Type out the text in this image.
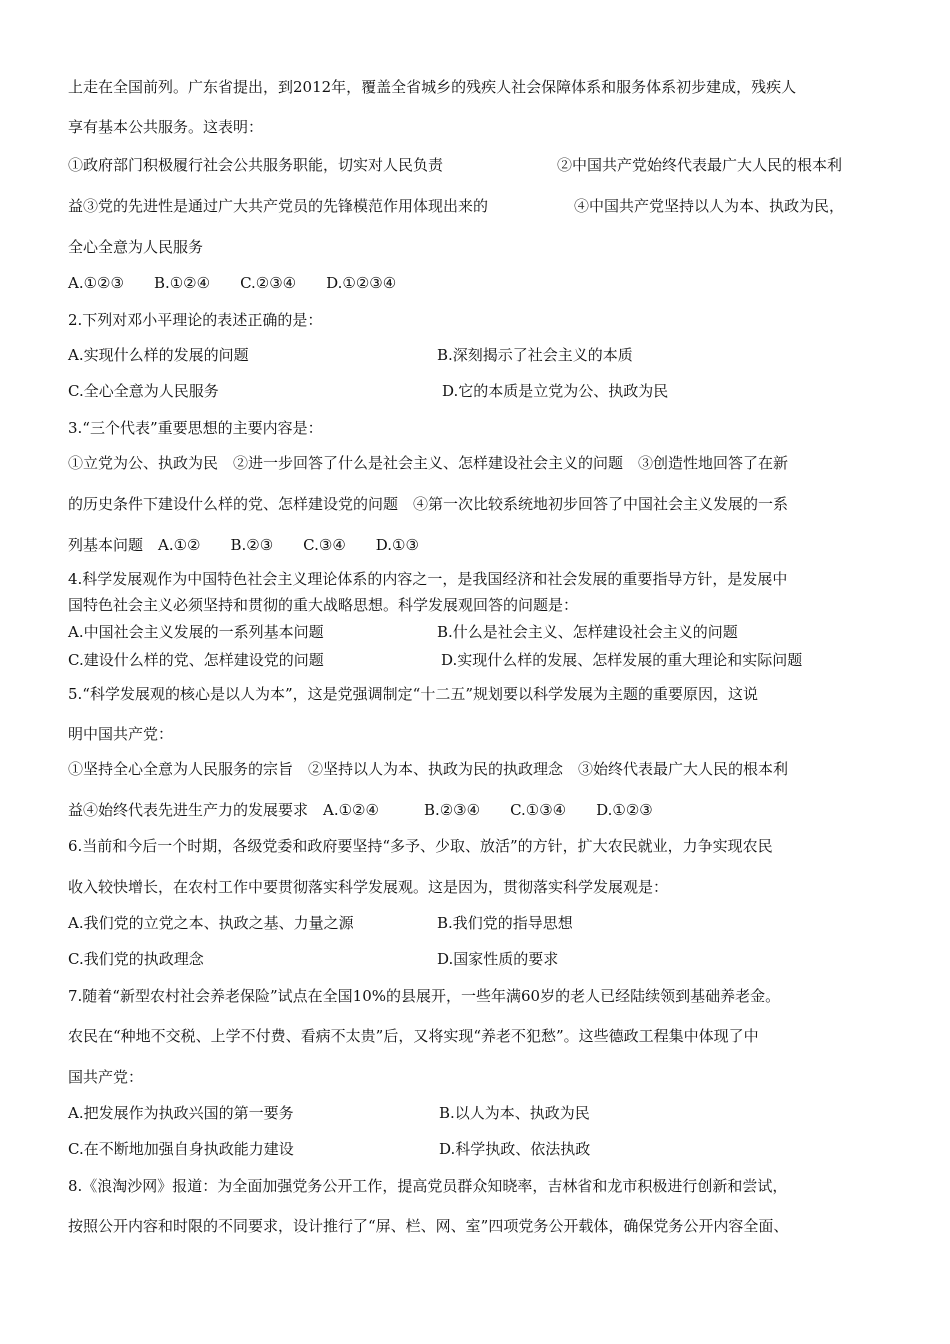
上走在全国前列。广东省提出，到2012年，覆盖全省城乡的残疾人社会保障体系和服务体系初步建成，残疾人
享有基本公共服务。这表明：
①政府部门积极履行社会公共服务职能，切实对人民负责	②中国共产党始终代表最广大人民的根本利
益③党的先进性是通过广大共产党员的先锋模范作用体现出来的	④中国共产党坚持以人为本、执政为民，
全心全意为人民服务
A.①②③　　B.①②④　　C.②③④　　D.①②③④
2.下列对邓小平理论的表述正确的是：
A.实现什么样的发展的问题	B.深刻揭示了社会主义的本质
C.全心全意为人民服务	D.它的本质是立党为公、执政为民
3.“三个代表”重要思想的主要内容是：
①立党为公、执政为民　②进一步回答了什么是社会主义、怎样建设社会主义的问题　③创造性地回答了在新
的历史条件下建设什么样的党、怎样建设党的问题　④第一次比较系统地初步回答了中国社会主义发展的一系
列基本问题　A.①②　　B.②③　　C.③④　　D.①③
4.科学发展观作为中国特色社会主义理论体系的内容之一，是我国经济和社会发展的重要指导方针，是发展中
国特色社会主义必须坚持和贯彻的重大战略思想。科学发展观回答的问题是：
A.中国社会主义发展的一系列基本问题	B.什么是社会主义、怎样建设社会主义的问题
C.建设什么样的党、怎样建设党的问题	D.实现什么样的发展、怎样发展的重大理论和实际问题
5.“科学发展观的核心是以人为本”，这是党强调制定“十二五”规划要以科学发展为主题的重要原因，这说
明中国共产党：
①坚持全心全意为人民服务的宗旨　②坚持以人为本、执政为民的执政理念　③始终代表最广大人民的根本利
益④始终代表先进生产力的发展要求　A.①②④　　　B.②③④　　C.①③④　　D.①②③
6.当前和今后一个时期，各级党委和政府要坚持“多予、少取、放活”的方针，扩大农民就业，力争实现农民
收入较快增长，在农村工作中要贯彻落实科学发展观。这是因为，贯彻落实科学发展观是：
A.我们党的立党之本、执政之基、力量之源	B.我们党的指导思想
C.我们党的执政理念	D.国家性质的要求
7.随着“新型农村社会养老保险”试点在全国10%的县展开，一些年满60岁的老人已经陆续领到基础养老金。
农民在“种地不交税、上学不付费、看病不太贵”后，又将实现“养老不犯愁”。这些德政工程集中体现了中
国共产党：
A.把发展作为执政兴国的第一要务	B.以人为本、执政为民
C.在不断地加强自身执政能力建设	D.科学执政、依法执政
8.《浪淘沙网》报道：为全面加强党务公开工作，提高党员群众知晓率，吉林省和龙市积极进行创新和尝试，
按照公开内容和时限的不同要求，设计推行了“屏、栏、网、室”四项党务公开载体，确保党务公开内容全面、
